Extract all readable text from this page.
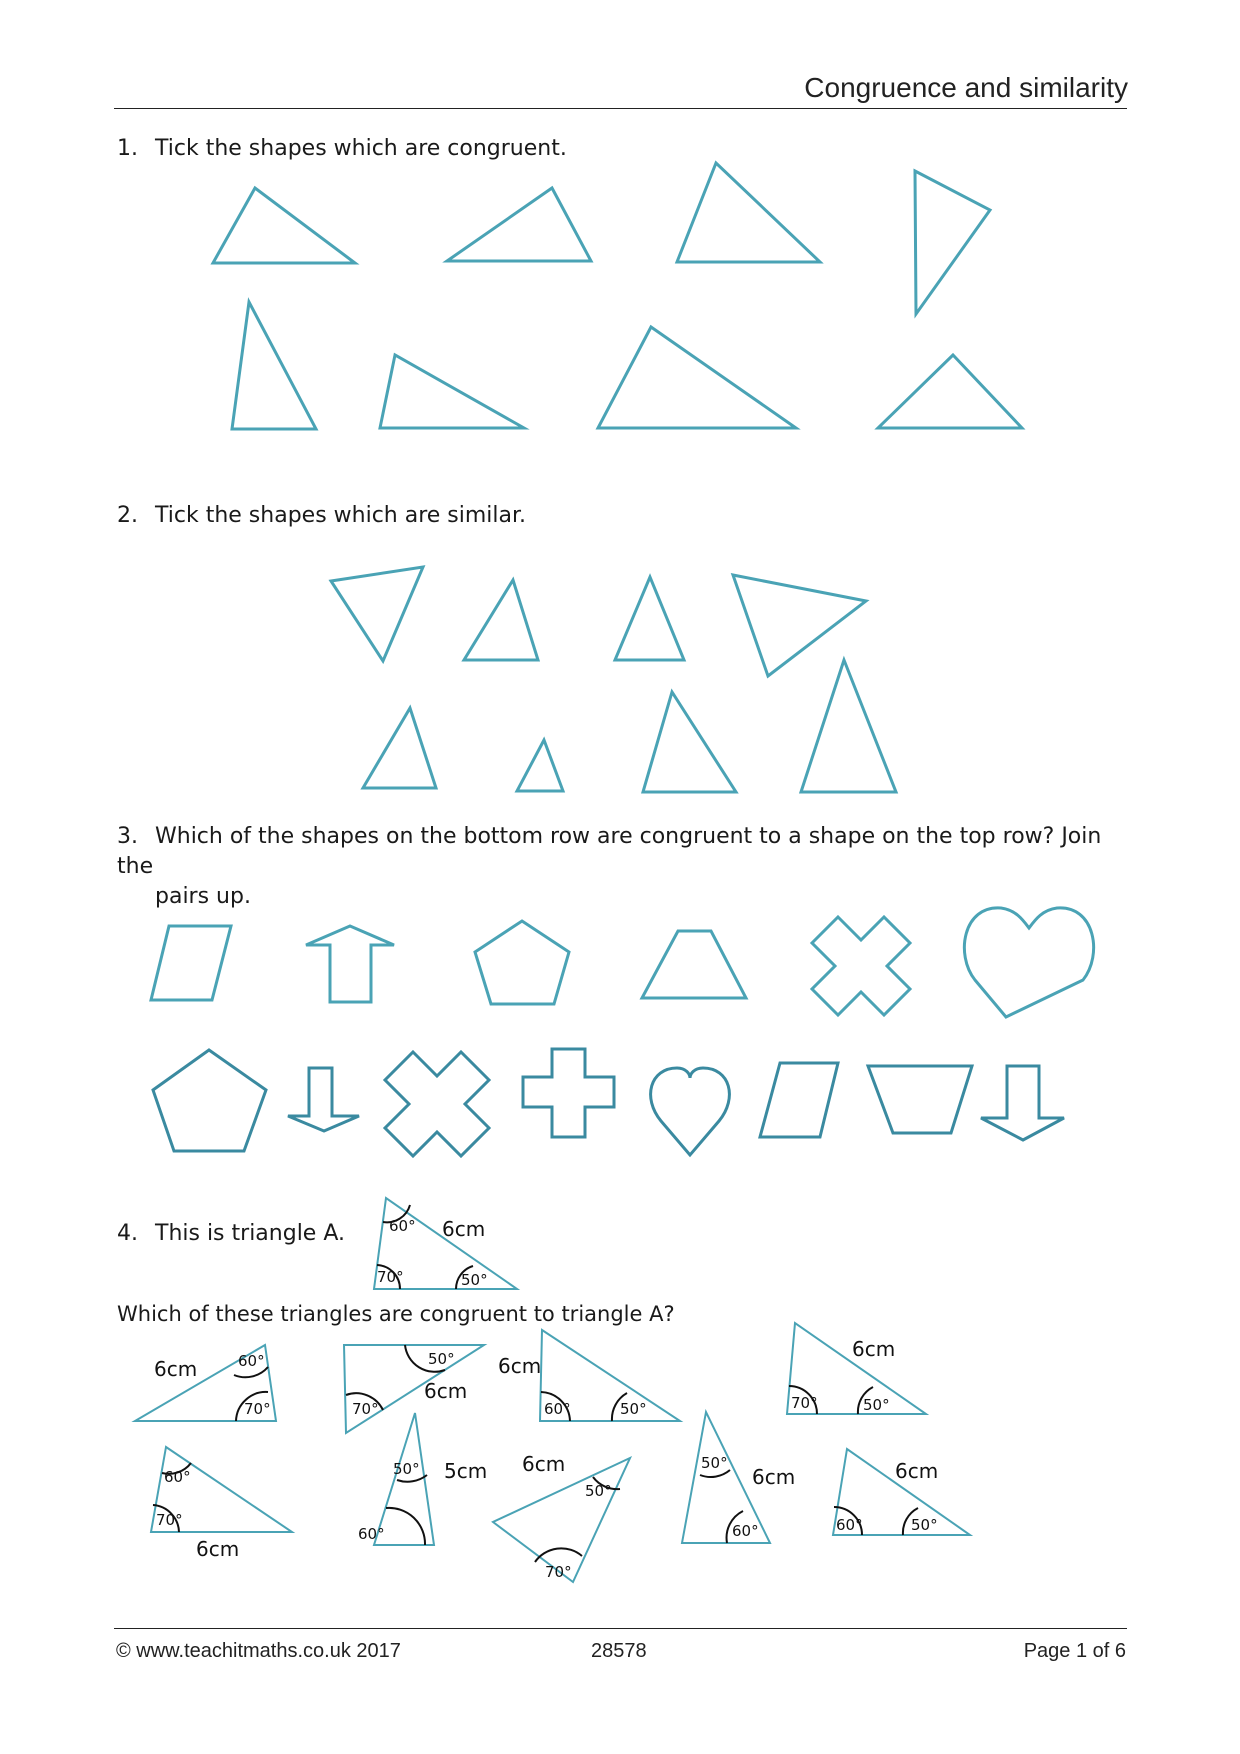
Congruence and similarity
1. Tick the shapes which are congruent.
2. Tick the shapes which are similar.
3. Which of the shapes on the bottom row are congruent to a shape on the top row? Join the
pairs up.
4. This is triangle A.
Which of these triangles are congruent to triangle A?
60°
70°	50°
6cm
60°
70°
6cm	50°
70°
6cm
60°	50°
6cm
70°	50°
6cm
60°
70°
6cm
50°
60°
5cm
50°
70°
6cm	50°
60°
6cm
60°	50°
6cm
© www.teachitmaths.co.uk 2017	28578	Page 1 of 6
